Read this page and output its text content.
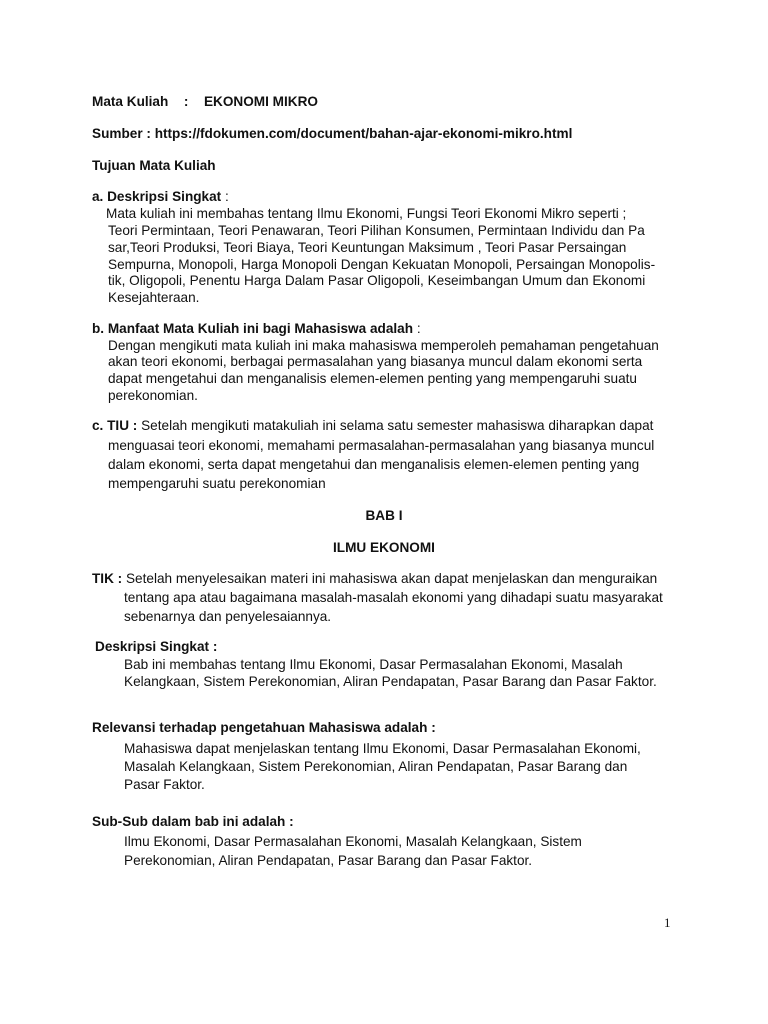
Mata Kuliah : EKONOMI MIKRO
Sumber : https://fdokumen.com/document/bahan-ajar-ekonomi-mikro.html
Tujuan Mata Kuliah
a. Deskripsi Singkat :
Mata kuliah ini membahas tentang Ilmu Ekonomi, Fungsi Teori Ekonomi Mikro seperti ;
Teori Permintaan, Teori Penawaran, Teori Pilihan Konsumen, Permintaan Individu dan Pa
sar,Teori Produksi, Teori Biaya, Teori Keuntungan Maksimum , Teori Pasar Persaingan
Sempurna, Monopoli, Harga Monopoli Dengan Kekuatan Monopoli, Persaingan Monopolis-
tik, Oligopoli, Penentu Harga Dalam Pasar Oligopoli, Keseimbangan Umum dan Ekonomi
Kesejahteraan.
b. Manfaat Mata Kuliah ini bagi Mahasiswa adalah :
Dengan mengikuti mata kuliah ini maka mahasiswa memperoleh pemahaman pengetahuan
akan teori ekonomi, berbagai permasalahan yang biasanya muncul dalam ekonomi serta
dapat mengetahui dan menganalisis elemen-elemen penting yang mempengaruhi suatu
perekonomian.
c. TIU : Setelah mengikuti matakuliah ini selama satu semester mahasiswa diharapkan dapat
menguasai teori ekonomi, memahami permasalahan-permasalahan yang biasanya muncul
dalam ekonomi, serta dapat mengetahui dan menganalisis elemen-elemen penting yang
mempengaruhi suatu perekonomian
BAB I
ILMU EKONOMI
TIK : Setelah menyelesaikan materi ini mahasiswa akan dapat menjelaskan dan menguraikan
tentang apa atau bagaimana masalah-masalah ekonomi yang dihadapi suatu masyarakat
sebenarnya dan penyelesaiannya.
Deskripsi Singkat :
Bab ini membahas tentang Ilmu Ekonomi, Dasar Permasalahan Ekonomi, Masalah
Kelangkaan, Sistem Perekonomian, Aliran Pendapatan, Pasar Barang dan Pasar Faktor.
Relevansi terhadap pengetahuan Mahasiswa adalah :
Mahasiswa dapat menjelaskan tentang Ilmu Ekonomi, Dasar Permasalahan Ekonomi,
Masalah Kelangkaan, Sistem Perekonomian, Aliran Pendapatan, Pasar Barang dan
Pasar Faktor.
Sub-Sub dalam bab ini adalah :
Ilmu Ekonomi, Dasar Permasalahan Ekonomi, Masalah Kelangkaan, Sistem
Perekonomian, Aliran Pendapatan, Pasar Barang dan Pasar Faktor.
1
